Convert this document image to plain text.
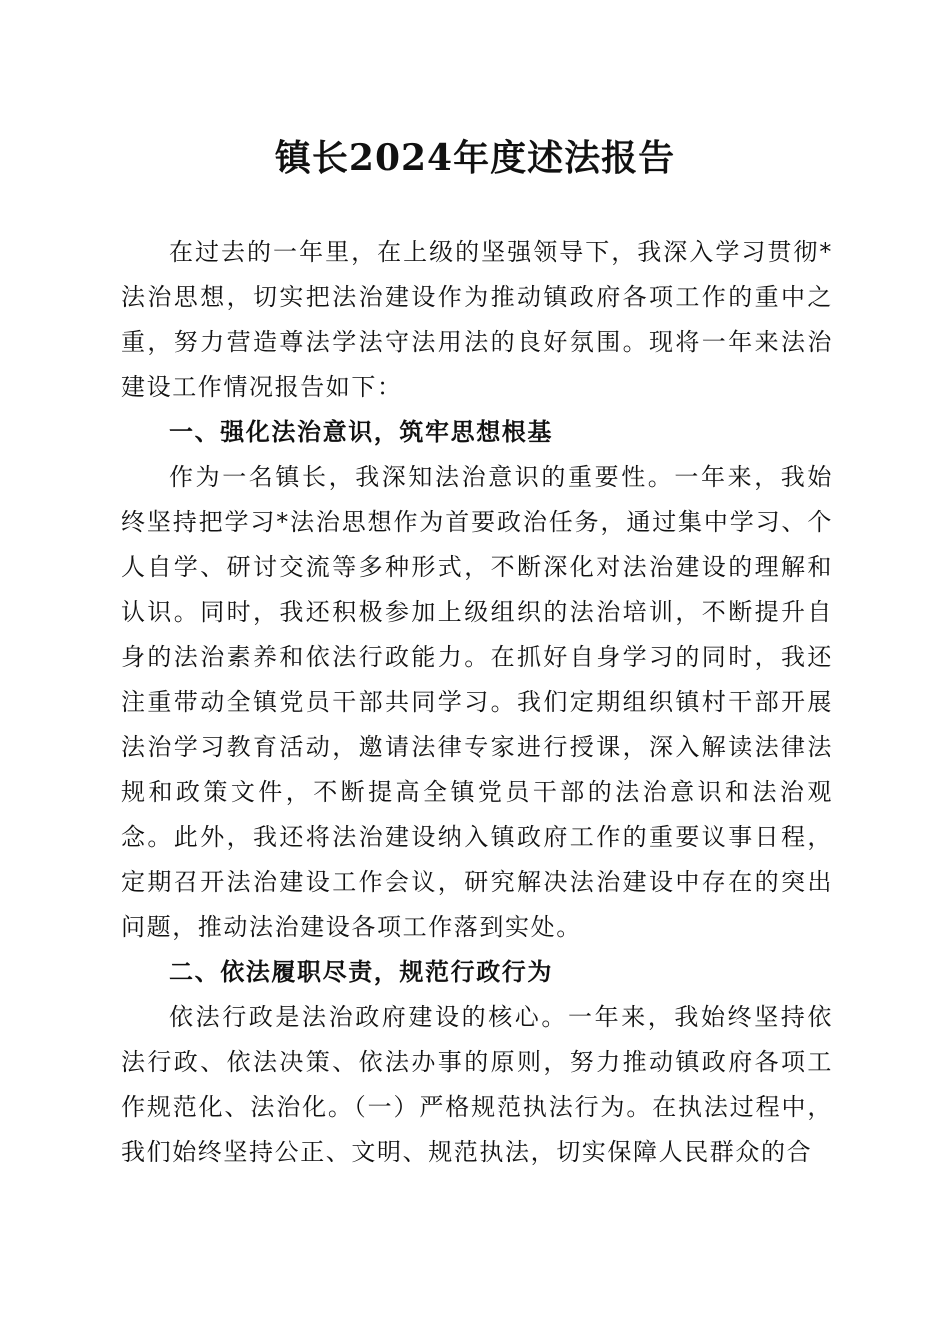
镇长2024年度述法报告

在过去的一年里，在上级的坚强领导下，我深入学习贯彻*法治思想，切实把法治建设作为推动镇政府各项工作的重中之重，努力营造尊法学法守法用法的良好氛围。现将一年来法治建设工作情况报告如下：

一、强化法治意识，筑牢思想根基

作为一名镇长，我深知法治意识的重要性。一年来，我始终坚持把学习*法治思想作为首要政治任务，通过集中学习、个人自学、研讨交流等多种形式，不断深化对法治建设的理解和认识。同时，我还积极参加上级组织的法治培训，不断提升自身的法治素养和依法行政能力。在抓好自身学习的同时，我还注重带动全镇党员干部共同学习。我们定期组织镇村干部开展法治学习教育活动，邀请法律专家进行授课，深入解读法律法规和政策文件，不断提高全镇党员干部的法治意识和法治观念。此外，我还将法治建设纳入镇政府工作的重要议事日程，定期召开法治建设工作会议，研究解决法治建设中存在的突出问题，推动法治建设各项工作落到实处。

二、依法履职尽责，规范行政行为

依法行政是法治政府建设的核心。一年来，我始终坚持依法行政、依法决策、依法办事的原则，努力推动镇政府各项工作规范化、法治化。（一）严格规范执法行为。在执法过程中，我们始终坚持公正、文明、规范执法，切实保障人民群众的合
